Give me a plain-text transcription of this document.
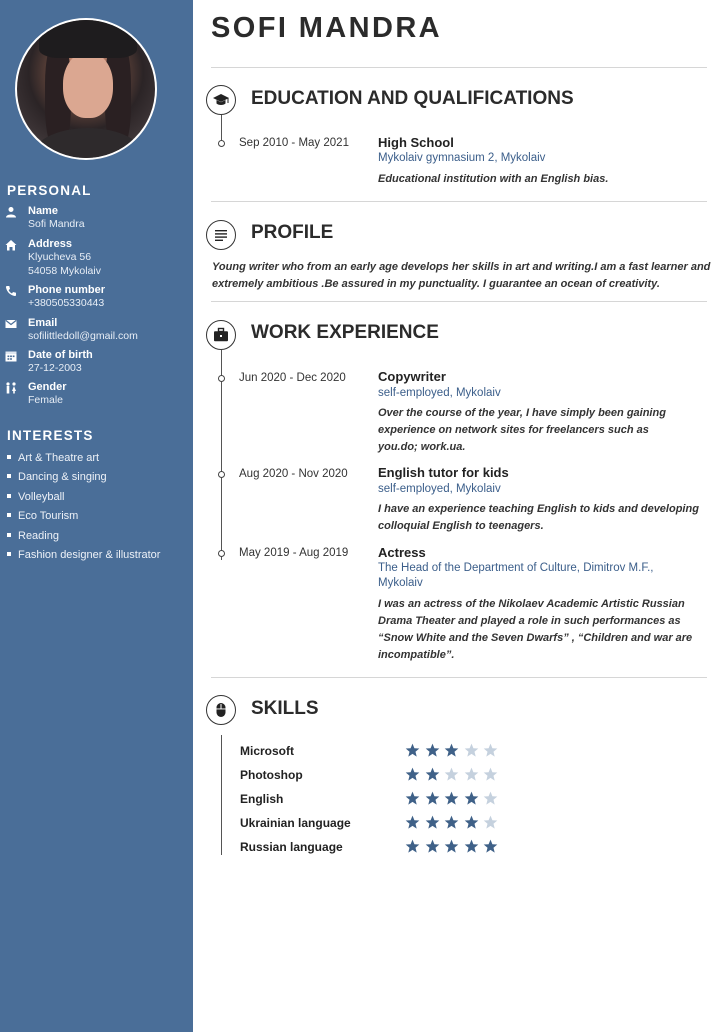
PERSONAL
Name
Sofi Mandra
Address
Klyucheva 56
54058 Mykolaiv
Phone number
+380505330443
Email
sofilittledoll@gmail.com
Date of birth
27-12-2003
Gender
Female
INTERESTS
Art & Theatre art
Dancing & singing
Volleyball
Eco Tourism
Reading
Fashion designer & illustrator
SOFI MANDRA
EDUCATION AND QUALIFICATIONS
Sep 2010 - May 2021 High School
Mykolaiv gymnasium 2, Mykolaiv
Educational institution with an English bias.
PROFILE
Young writer who from an early age develops her skills in art and writing.I am a fast learner and extremely ambitious .Be assured in my punctuality. I guarantee an ocean of creativity.
WORK EXPERIENCE
Jun 2020 - Dec 2020 Copywriter
self-employed, Mykolaiv
Over the course of the year, I have simply been gaining experience on network sites for freelancers such as you.do; work.ua.
Aug 2020 - Nov 2020 English tutor for kids
self-employed, Mykolaiv
I have an experience teaching English to kids and developing colloquial English to teenagers.
May 2019 - Aug 2019 Actress
The Head of the Department of Culture, Dimitrov M.F., Mykolaiv
I was an actress of the Nikolaev Academic Artistic Russian Drama Theater and played a role in such performances as “Snow White and the Seven Dwarfs” , “Children and war are incompatible”.
SKILLS
Microsoft
Photoshop
English
Ukrainian language
Russian language
